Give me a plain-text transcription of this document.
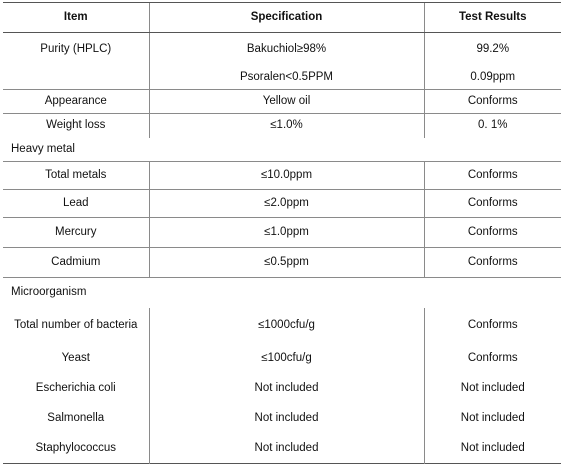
Item	Specification	Test Results
Purity (HPLC)	Bakuchiol≥98%	99.2%
	Psoralen<0.5PPM	0.09ppm
Appearance	Yellow oil	Conforms
Weight loss	≤1.0%	0. 1%
Heavy metal		
Total metals	≤10.0ppm	Conforms
Lead	≤2.0ppm	Conforms
Mercury	≤1.0ppm	Conforms
Cadmium	≤0.5ppm	Conforms
Microorganism		
Total number of bacteria	≤1000cfu/g	Conforms
Yeast	≤100cfu/g	Conforms
Escherichia coli	Not included	Not included
Salmonella	Not included	Not included
Staphylococcus	Not included	Not included
